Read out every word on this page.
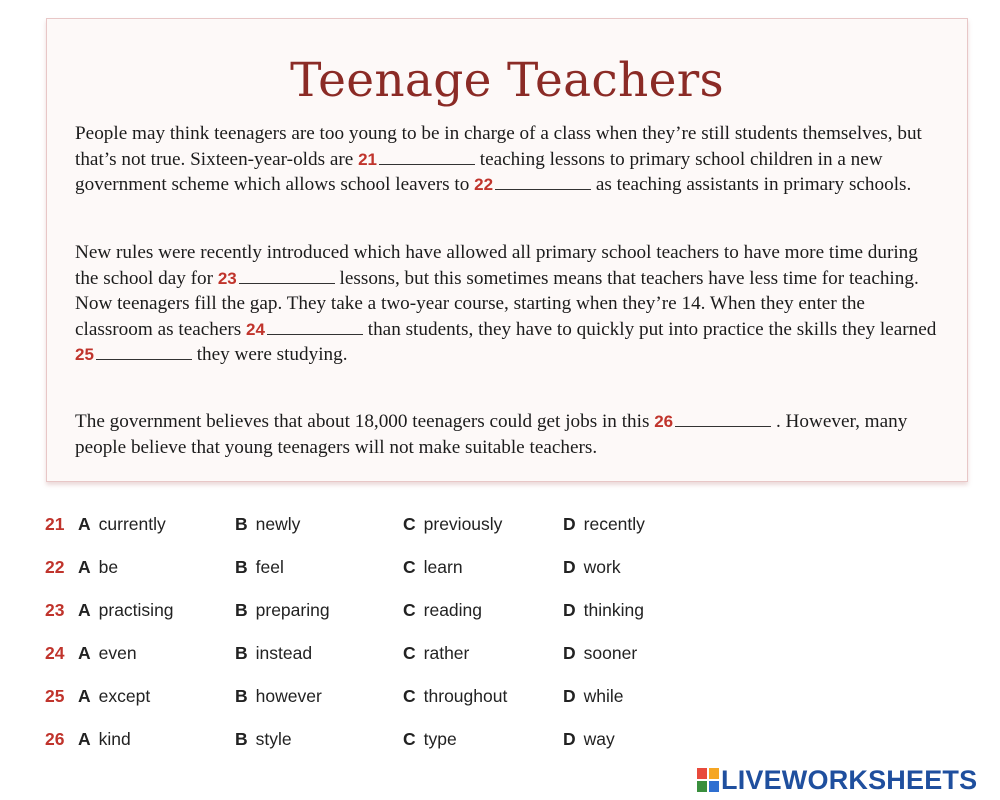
Teenage Teachers

People may think teenagers are too young to be in charge of a class when they’re still students themselves, but that’s not true. Sixteen-year-olds are 21	teaching lessons to primary school children in a new government scheme which allows school leavers to 22	as teaching assistants in primary schools.

New rules were recently introduced which have allowed all primary school teachers to have more time during the school day for 23	lessons, but this sometimes means that teachers have less time for teaching. Now teenagers fill the gap. They take a two-year course, starting when they’re 14. When they enter the classroom as teachers 24	than students, they have to quickly put into practice the skills they learned 25	they were studying.

The government believes that about 18,000 teenagers could get jobs in this 26	. However, many people believe that young teenagers will not make suitable teachers.

21 A currently	B newly	C previously	D recently
22 A be	B feel	C learn	D work
23 A practising	B preparing	C reading	D thinking
24 A even	B instead	C rather	D sooner
25 A except	B however	C throughout	D while
26 A kind	B style	C type	D way
LIVEWORKSHEETS
